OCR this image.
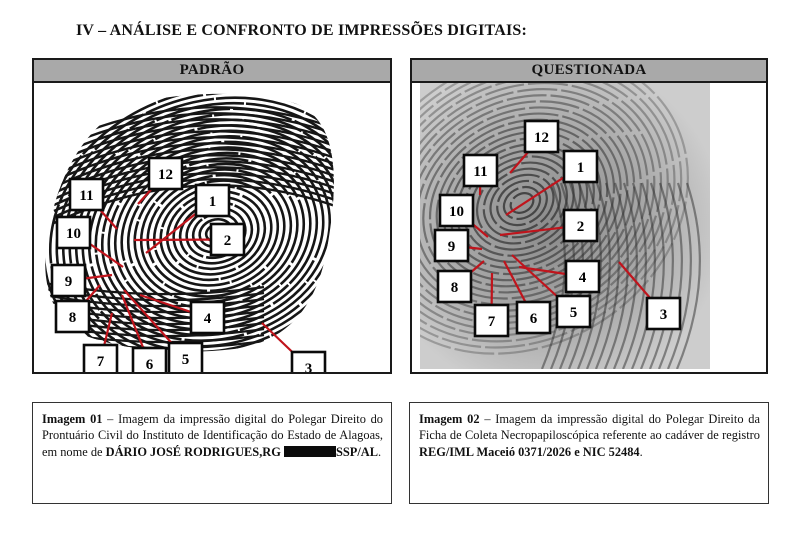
IV – ANÁLISE E CONFRONTO DE IMPRESSÕES DIGITAIS:
PADRÃO
1
2
3
4
5
6
7
8
9
10
11
12
QUESTIONADA
1
2
3
4
5
6
7
8
9
10
11
12
Imagem 01 – Imagem da impressão digital do Polegar Direito do Prontuário Civil do Instituto de Identificação do Estado de Alagoas, em nome de DÁRIO JOSÉ RODRIGUES,RG	SSP/AL.
Imagem 02 – Imagem da impressão digital do Polegar Direito da Ficha de Coleta Necropapiloscópica referente ao cadáver de registro REG/IML Maceió 0371/2026 e NIC 52484.
